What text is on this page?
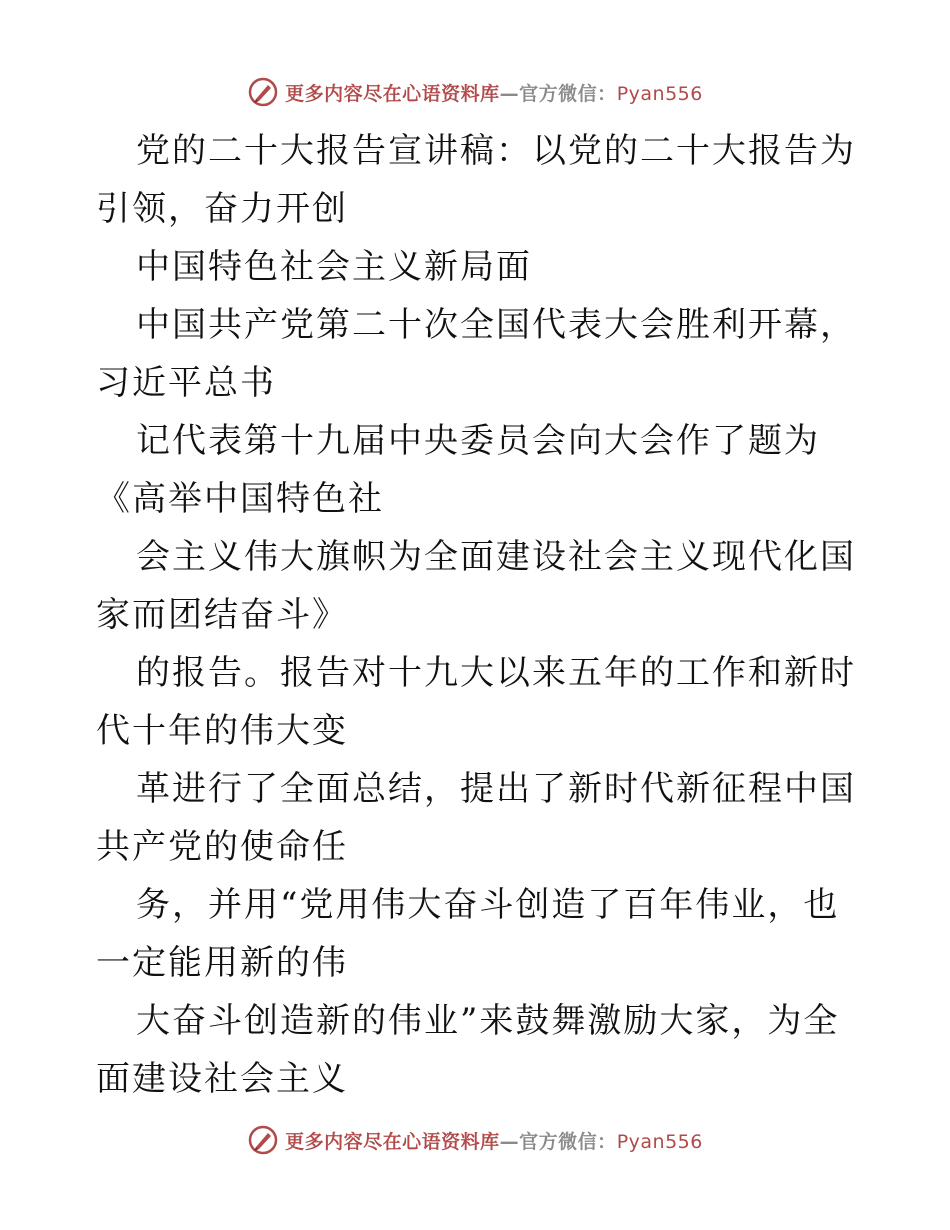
更多内容尽在心语资料库—官方微信：Pyan556

党的二十大报告宣讲稿：以党的二十大报告为引领，奋力开创

中国特色社会主义新局面

中国共产党第二十次全国代表大会胜利开幕，习近平总书

记代表第十九届中央委员会向大会作了题为《高举中国特色社

会主义伟大旗帜为全面建设社会主义现代化国家而团结奋斗》

的报告。报告对十九大以来五年的工作和新时代十年的伟大变

革进行了全面总结，提出了新时代新征程中国共产党的使命任

务，并用“党用伟大奋斗创造了百年伟业，也一定能用新的伟

大奋斗创造新的伟业”来鼓舞激励大家，为全面建设社会主义

更多内容尽在心语资料库—官方微信：Pyan556
